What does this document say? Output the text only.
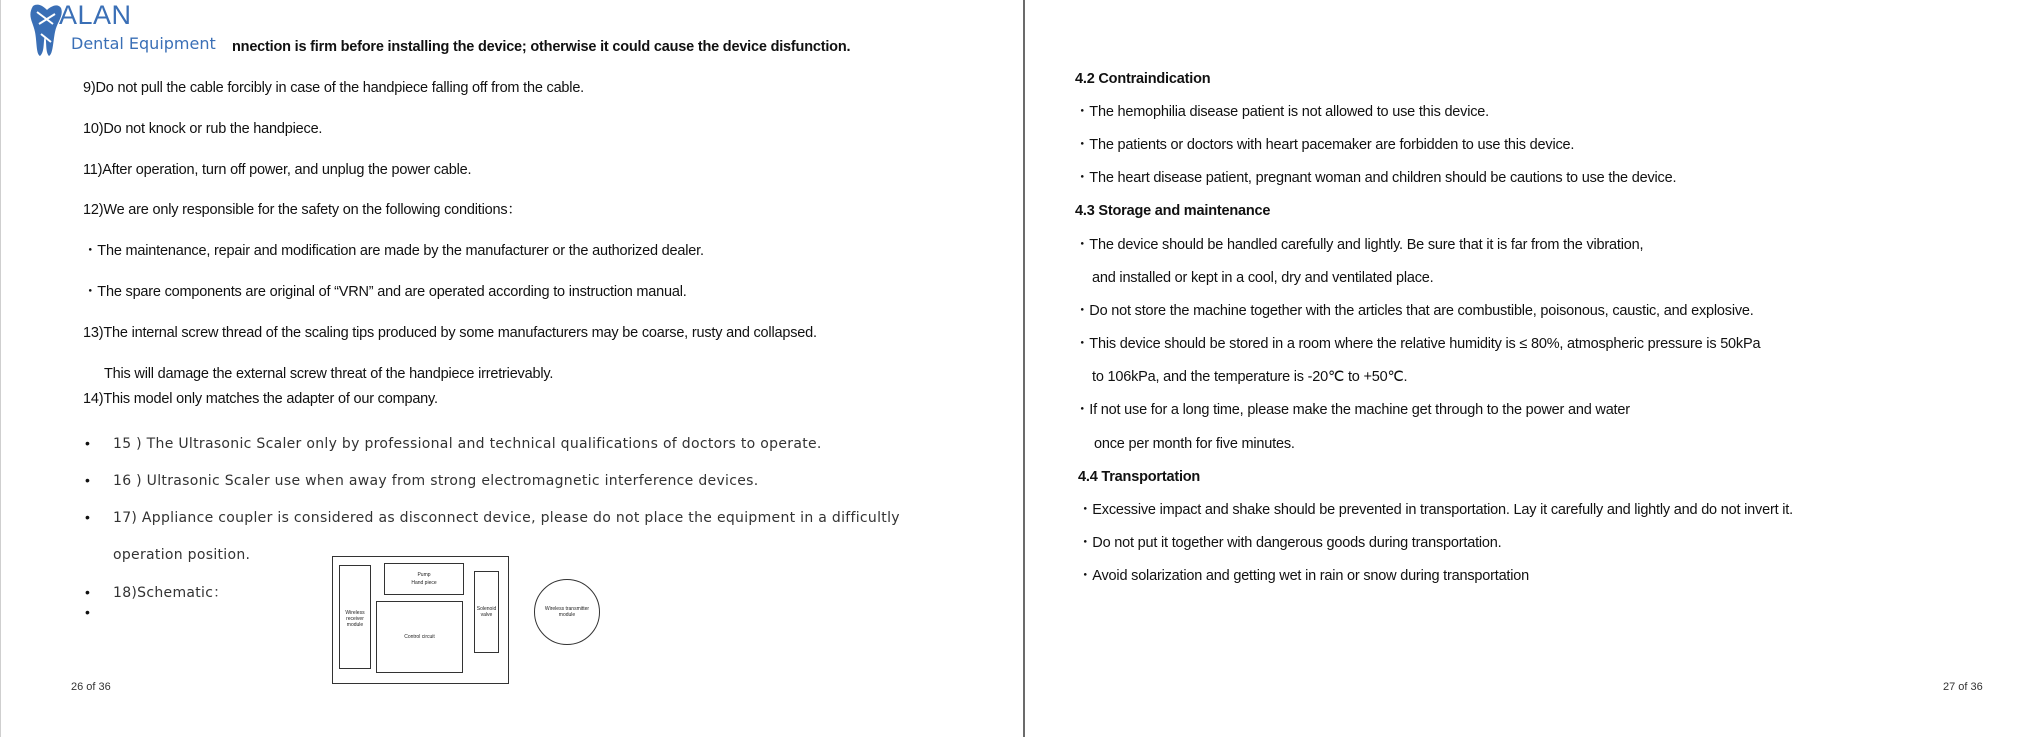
ALAN
Dental Equipment nnection is firm before installing the device; otherwise it could cause the device disfunction.
9)Do not pull the cable forcibly in case of the handpiece falling off from the cable.
10)Do not knock or rub the handpiece.
11)After operation, turn off power, and unplug the power cable.
12)We are only responsible for the safety on the following conditions：
・The maintenance, repair and modification are made by the manufacturer or the authorized dealer.
・The spare components are original of “VRN” and are operated according to instruction manual.
13)The internal screw thread of the scaling tips produced by some manufacturers may be coarse, rusty and collapsed.
This will damage the external screw threat of the handpiece irretrievably.
14)This model only matches the adapter of our company.
• 15 ) The Ultrasonic Scaler only by professional and technical qualifications of doctors to operate.
• 16 ) Ultrasonic Scaler use when away from strong electromagnetic interference devices.
• 17) Appliance coupler is considered as disconnect device, please do not place the equipment in a difficultly
operation position.
• 18)Schematic：
•	Wireless receiver module
Pump
Hand piece
Control circuit
Solenoid valve
Wireless transmitter module
26 of 36
4.2 Contraindication
・The hemophilia disease patient is not allowed to use this device.
・The patients or doctors with heart pacemaker are forbidden to use this device.
・The heart disease patient, pregnant woman and children should be cautions to use the device.
4.3 Storage and maintenance
・The device should be handled carefully and lightly. Be sure that it is far from the vibration,
and installed or kept in a cool, dry and ventilated place.
・Do not store the machine together with the articles that are combustible, poisonous, caustic, and explosive.
・This device should be stored in a room where the relative humidity is ≤ 80%, atmospheric pressure is 50kPa
to 106kPa, and the temperature is -20℃ to +50℃.
・If not use for a long time, please make the machine get through to the power and water
once per month for five minutes.
4.4 Transportation
・Excessive impact and shake should be prevented in transportation. Lay it carefully and lightly and do not invert it.
・Do not put it together with dangerous goods during transportation.
・Avoid solarization and getting wet in rain or snow during transportation
27 of 36
